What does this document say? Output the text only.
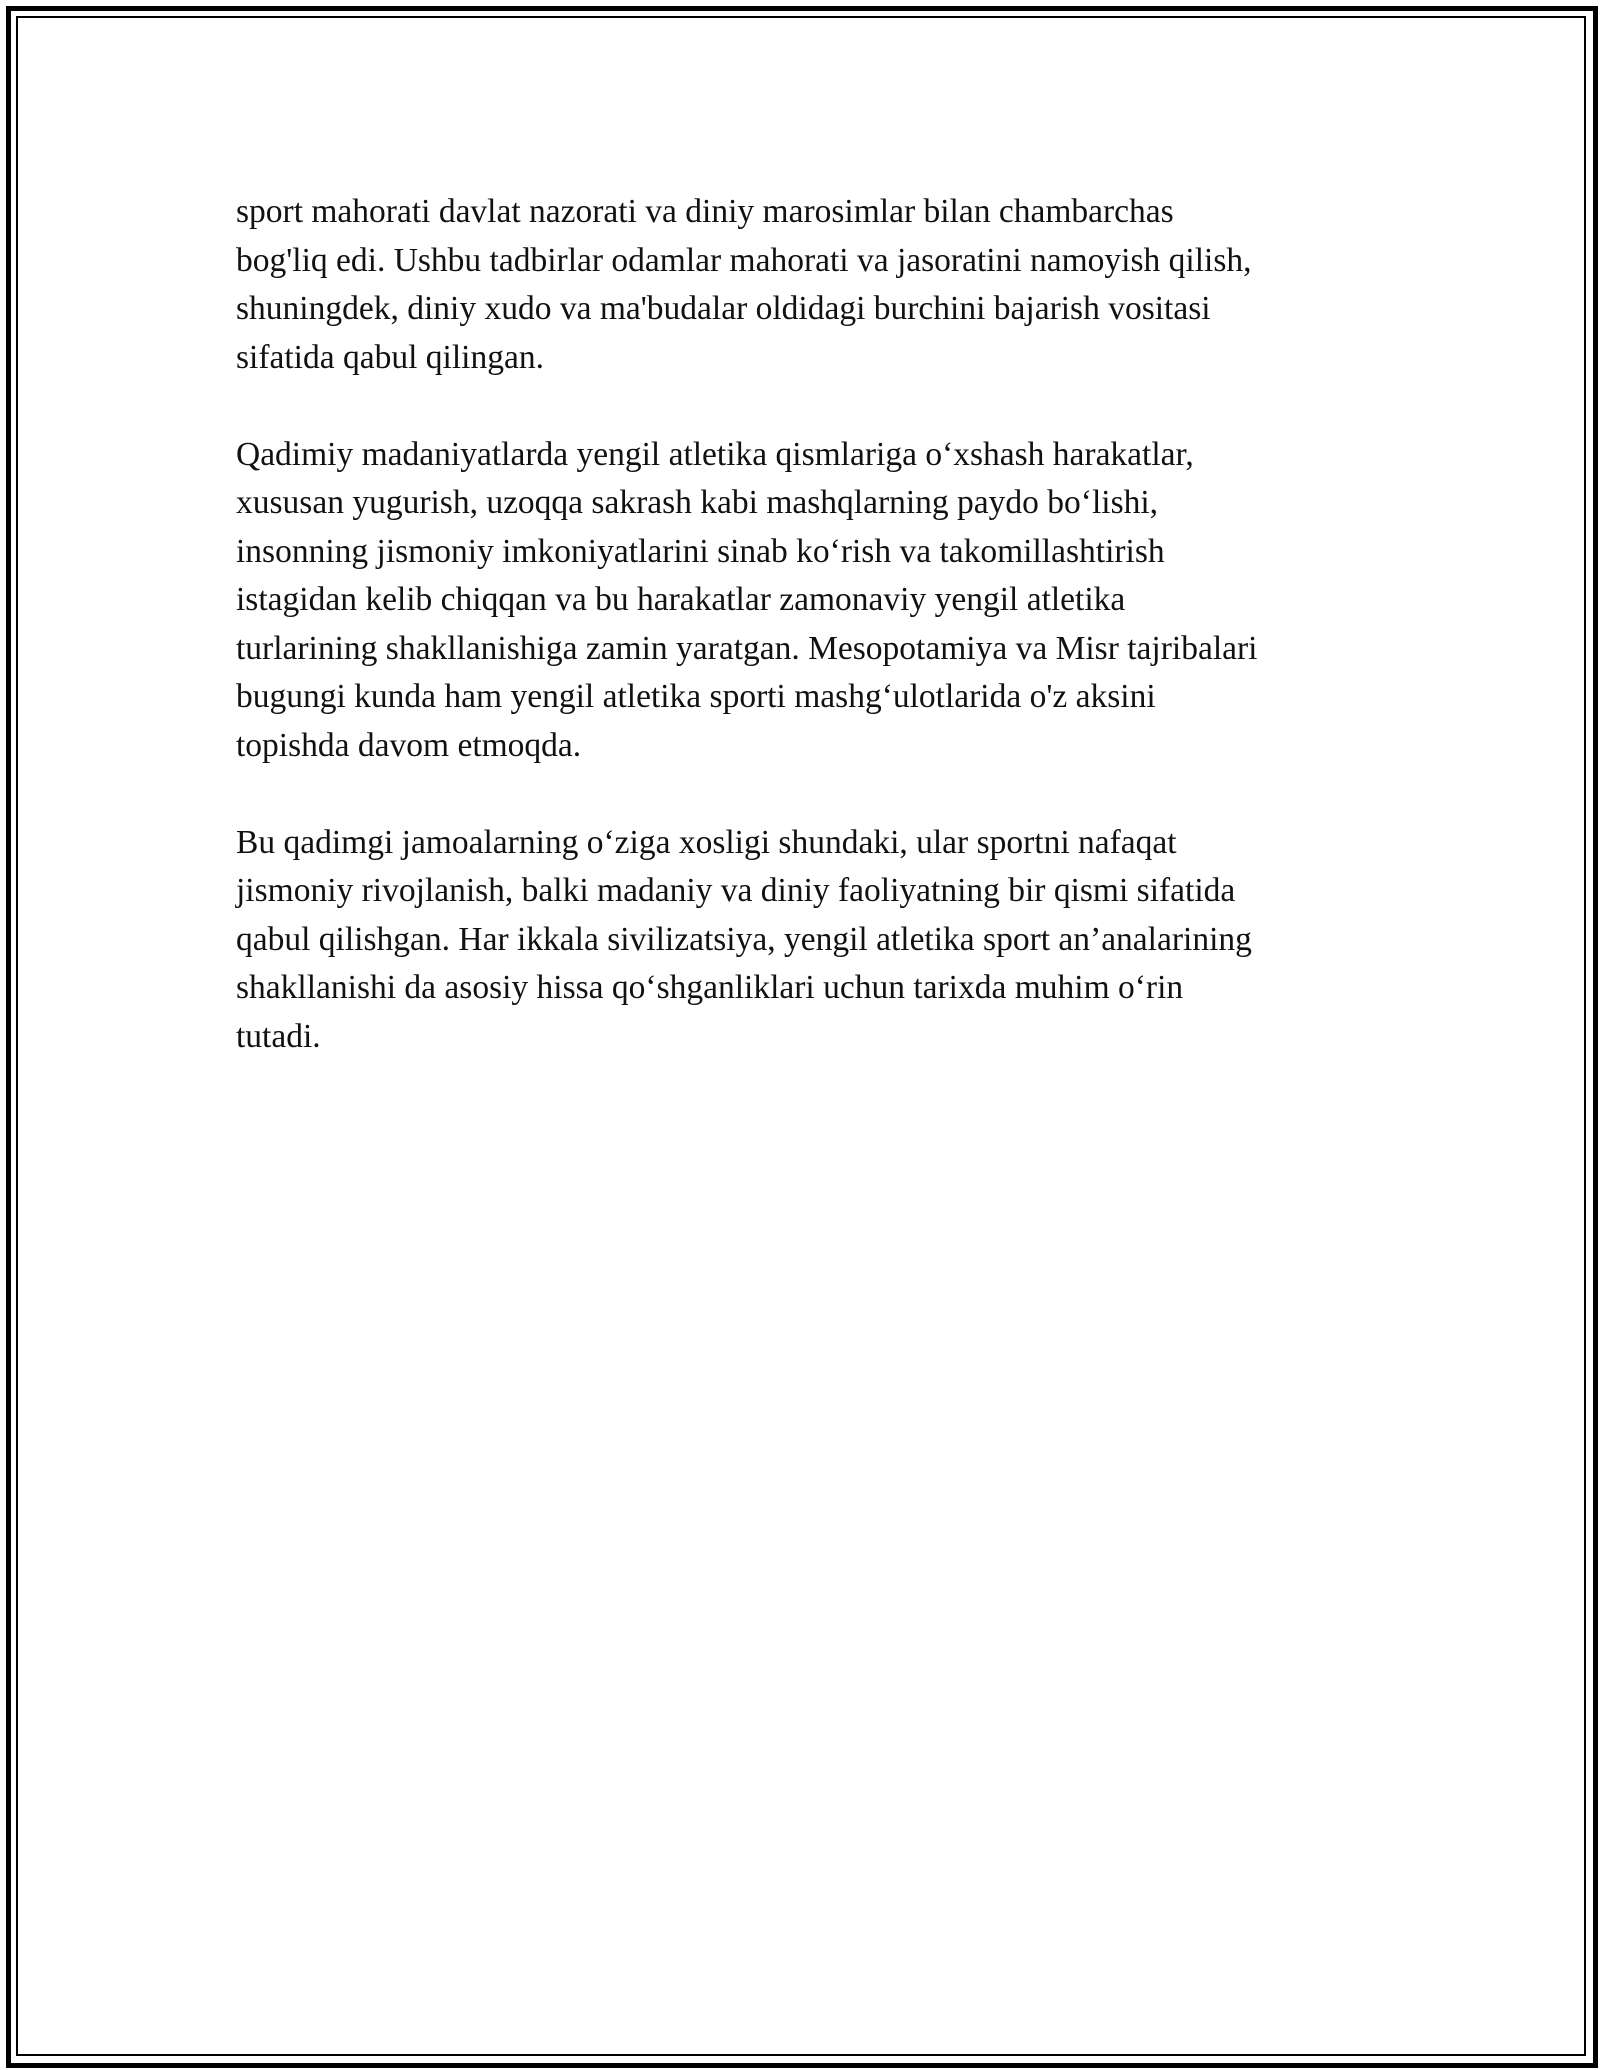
sport mahorati davlat nazorati va diniy marosimlar bilan chambarchas
bog'liq edi. Ushbu tadbirlar odamlar mahorati va jasoratini namoyish qilish,
shuningdek, diniy xudo va ma'budalar oldidagi burchini bajarish vositasi
sifatida qabul qilingan.

Qadimiy madaniyatlarda yengil atletika qismlariga o‘xshash harakatlar,
xususan yugurish, uzoqqa sakrash kabi mashqlarning paydo bo‘lishi,
insonning jismoniy imkoniyatlarini sinab ko‘rish va takomillashtirish
istagidan kelib chiqqan va bu harakatlar zamonaviy yengil atletika
turlarining shakllanishiga zamin yaratgan. Mesopotamiya va Misr tajribalari
bugungi kunda ham yengil atletika sporti mashg‘ulotlarida o'z aksini
topishda davom etmoqda.

Bu qadimgi jamoalarning o‘ziga xosligi shundaki, ular sportni nafaqat
jismoniy rivojlanish, balki madaniy va diniy faoliyatning bir qismi sifatida
qabul qilishgan. Har ikkala sivilizatsiya, yengil atletika sport an’analarining
shakllanishi da asosiy hissa qo‘shganliklari uchun tarixda muhim o‘rin
tutadi.
